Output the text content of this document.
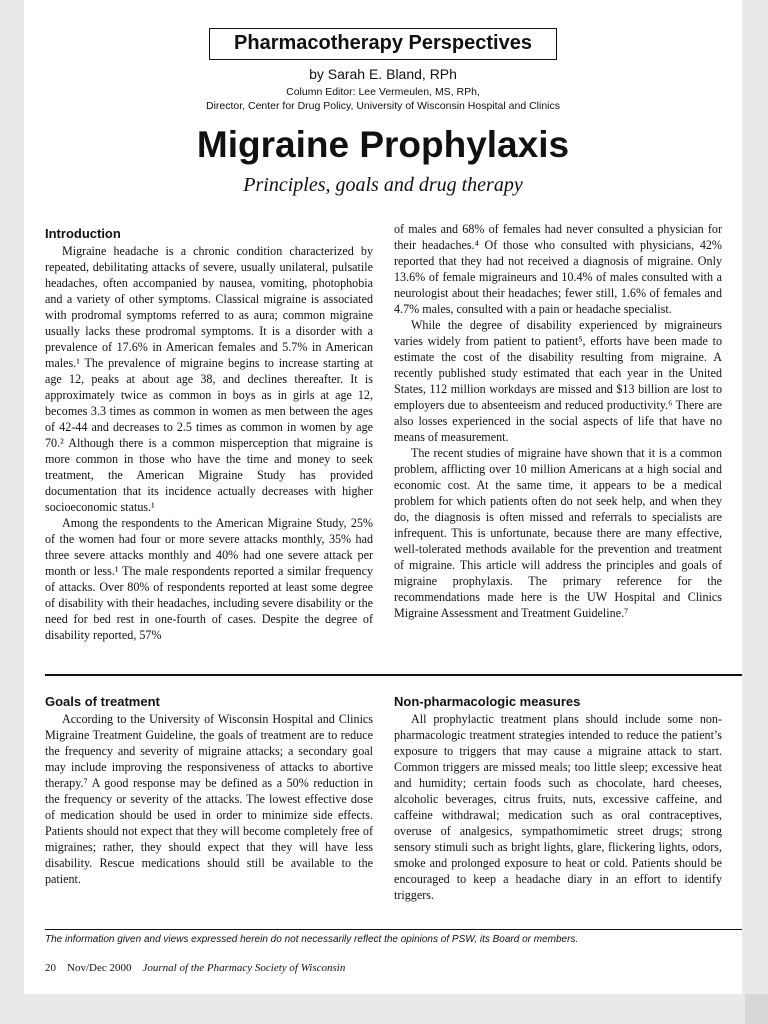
Pharmacotherapy Perspectives
by Sarah E. Bland, RPh
Column Editor: Lee Vermeulen, MS, RPh,
Director, Center for Drug Policy, University of Wisconsin Hospital and Clinics
Migraine Prophylaxis
Principles, goals and drug therapy
Introduction

Migraine headache is a chronic condition characterized by repeated, debilitating attacks of severe, usually unilateral, pulsatile headaches, often accompanied by nausea, vomiting, photophobia and a variety of other symptoms. Classical migraine is associated with prodromal symptoms referred to as aura; common migraine usually lacks these prodromal symptoms. It is a disorder with a prevalence of 17.6% in American females and 5.7% in American males.¹ The prevalence of migraine begins to increase starting at age 12, peaks at about age 38, and declines thereafter. It is approximately twice as common in boys as in girls at age 12, becomes 3.3 times as common in women as men between the ages of 42-44 and decreases to 2.5 times as common in women by age 70.² Although there is a common misperception that migraine is more common in those who have the time and money to seek treatment, the American Migraine Study has provided documentation that its incidence actually decreases with higher socioeconomic status.¹

Among the respondents to the American Migraine Study, 25% of the women had four or more severe attacks monthly, 35% had three severe attacks monthly and 40% had one severe attack per month or less.¹ The male respondents reported a similar frequency of attacks. Over 80% of respondents reported at least some degree of disability with their headaches, including severe disability or the need for bed rest in one-fourth of cases. Despite the degree of disability reported, 57%

of males and 68% of females had never consulted a physician for their headaches.⁴ Of those who consulted with physicians, 42% reported that they had not received a diagnosis of migraine. Only 13.6% of female migraineurs and 10.4% of males consulted with a neurologist about their headaches; fewer still, 1.6% of females and 4.7% males, consulted with a pain or headache specialist.

While the degree of disability experienced by migraineurs varies widely from patient to patient⁵, efforts have been made to estimate the cost of the disability resulting from migraine. A recently published study estimated that each year in the United States, 112 million workdays are missed and $13 billion are lost to employers due to absenteeism and reduced productivity.⁶ There are also losses experienced in the social aspects of life that have no means of measurement.

The recent studies of migraine have shown that it is a common problem, afflicting over 10 million Americans at a high social and economic cost. At the same time, it appears to be a medical problem for which patients often do not seek help, and when they do, the diagnosis is often missed and referrals to specialists are infrequent. This is unfortunate, because there are many effective, well-tolerated methods available for the prevention and treatment of migraine. This article will address the principles and goals of migraine prophylaxis. The primary reference for the recommendations made here is the UW Hospital and Clinics Migraine Assessment and Treatment Guideline.⁷

Goals of treatment

According to the University of Wisconsin Hospital and Clinics Migraine Treatment Guideline, the goals of treatment are to reduce the frequency and severity of migraine attacks; a secondary goal may include improving the responsiveness of attacks to abortive therapy.⁷ A good response may be defined as a 50% reduction in the frequency or severity of the attacks. The lowest effective dose of medication should be used in order to minimize side effects. Patients should not expect that they will become completely free of migraines; rather, they should expect that they will have less disability. Rescue medications should still be available to the patient.

Non-pharmacologic measures

All prophylactic treatment plans should include some non-pharmacologic treatment strategies intended to reduce the patient’s exposure to triggers that may cause a migraine attack to start. Common triggers are missed meals; too little sleep; excessive heat and humidity; certain foods such as chocolate, hard cheeses, alcoholic beverages, citrus fruits, nuts, excessive caffeine, and caffeine withdrawal; medication such as oral contraceptives, overuse of analgesics, sympathomimetic street drugs; strong sensory stimuli such as bright lights, glare, flickering lights, odors, smoke and prolonged exposure to heat or cold. Patients should be encouraged to keep a headache diary in an effort to identify triggers.

The information given and views expressed herein do not necessarily reflect the opinions of PSW, its Board or members.
20 Nov/Dec 2000 Journal of the Pharmacy Society of Wisconsin
